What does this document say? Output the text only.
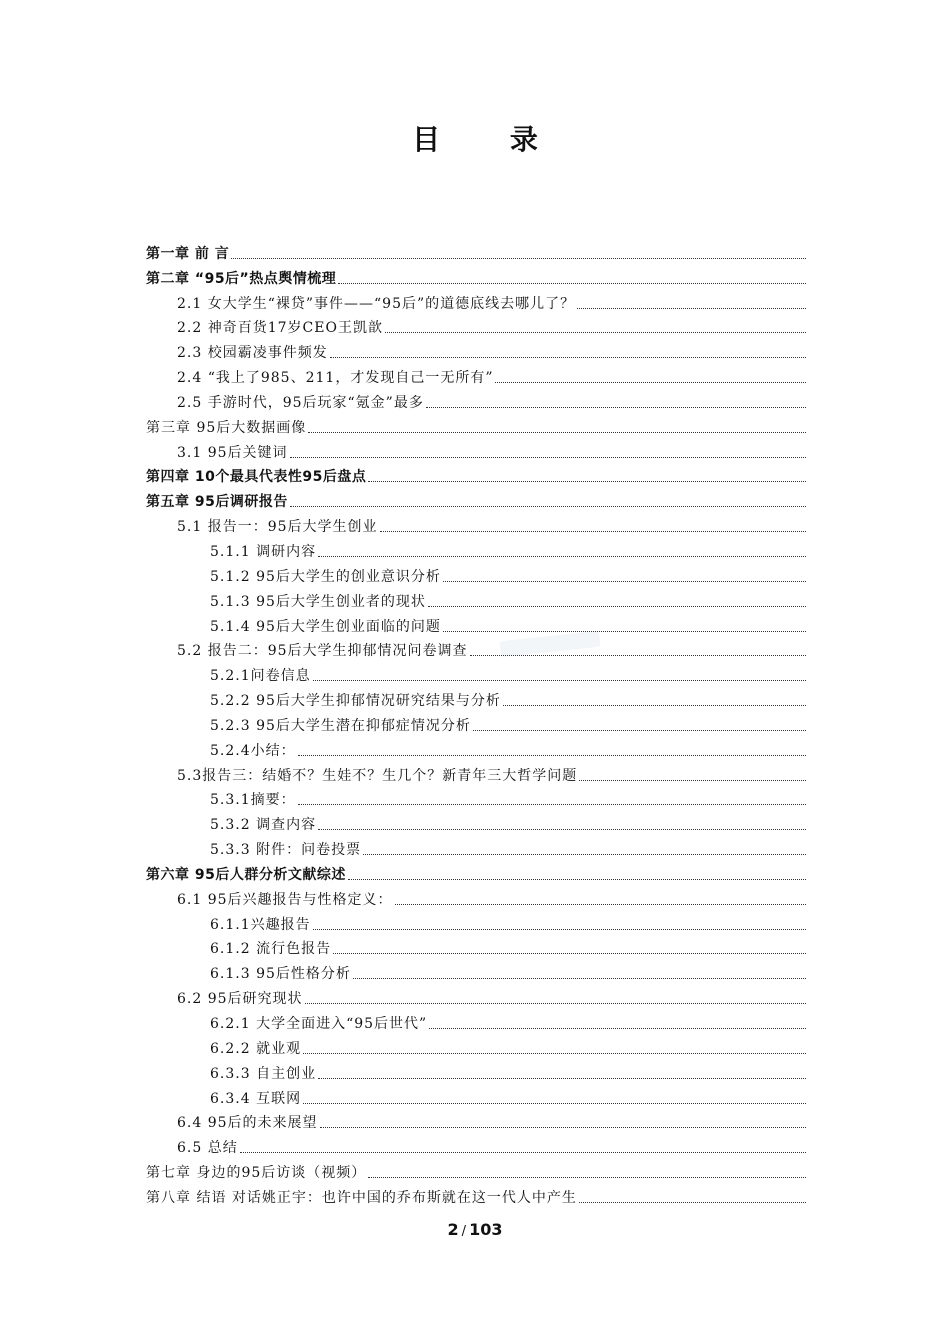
目 录
第一章 前 言
第二章 “95后”热点舆情梳理
2.1 女大学生“裸贷”事件——“95后”的道德底线去哪儿了？
2.2 神奇百货17岁CEO王凯歆
2.3 校园霸凌事件频发
2.4 “我上了985、211，才发现自己一无所有”
2.5 手游时代，95后玩家“氪金”最多
第三章 95后大数据画像
3.1 95后关键词
第四章 10个最具代表性95后盘点
第五章 95后调研报告
5.1 报告一：95后大学生创业
5.1.1 调研内容
5.1.2 95后大学生的创业意识分析
5.1.3 95后大学生创业者的现状
5.1.4 95后大学生创业面临的问题
5.2 报告二：95后大学生抑郁情况问卷调查
5.2.1问卷信息
5.2.2 95后大学生抑郁情况研究结果与分析
5.2.3 95后大学生潜在抑郁症情况分析
5.2.4小结：
5.3报告三：结婚不？生娃不？生几个？新青年三大哲学问题
5.3.1摘要：
5.3.2 调查内容
5.3.3 附件：问卷投票
第六章 95后人群分析文献综述
6.1 95后兴趣报告与性格定义：
6.1.1兴趣报告
6.1.2 流行色报告
6.1.3 95后性格分析
6.2 95后研究现状
6.2.1 大学全面进入“95后世代”
6.2.2 就业观
6.3.3 自主创业
6.3.4 互联网
6.4 95后的未来展望
6.5 总结
第七章 身边的95后访谈（视频）
第八章 结语 对话姚正宇：也许中国的乔布斯就在这一代人中产生
2 / 103
